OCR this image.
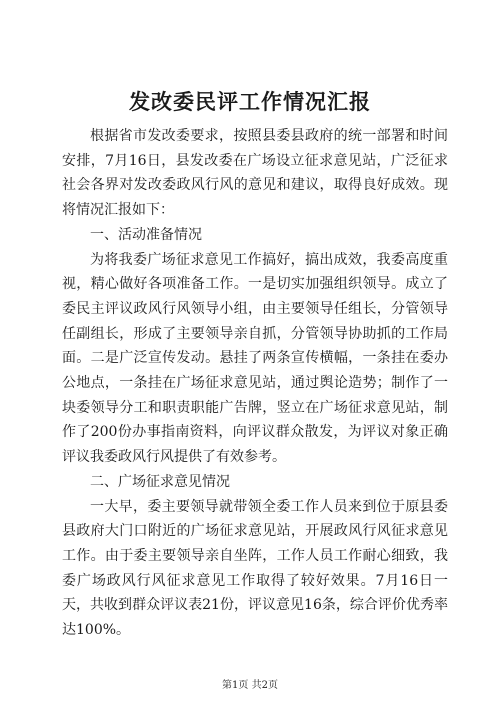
发改委民评工作情况汇报

根据省市发改委要求，按照县委县政府的统一部署和时间安排，7月16日，县发改委在广场设立征求意见站，广泛征求社会各界对发改委政风行风的意见和建议，取得良好成效。现将情况汇报如下：

一、活动准备情况

为将我委广场征求意见工作搞好，搞出成效，我委高度重视，精心做好各项准备工作。一是切实加强组织领导。成立了委民主评议政风行风领导小组，由主要领导任组长，分管领导任副组长，形成了主要领导亲自抓，分管领导协助抓的工作局面。二是广泛宣传发动。悬挂了两条宣传横幅，一条挂在委办公地点，一条挂在广场征求意见站，通过舆论造势；制作了一块委领导分工和职责职能广告牌，竖立在广场征求意见站，制作了200份办事指南资料，向评议群众散发，为评议对象正确评议我委政风行风提供了有效参考。

二、广场征求意见情况

一大早，委主要领导就带领全委工作人员来到位于原县委县政府大门口附近的广场征求意见站，开展政风行风征求意见工作。由于委主要领导亲自坐阵，工作人员工作耐心细致，我委广场政风行风征求意见工作取得了较好效果。7月16日一天，共收到群众评议表21份，评议意见16条，综合评价优秀率达100%。

第1页 共2页
